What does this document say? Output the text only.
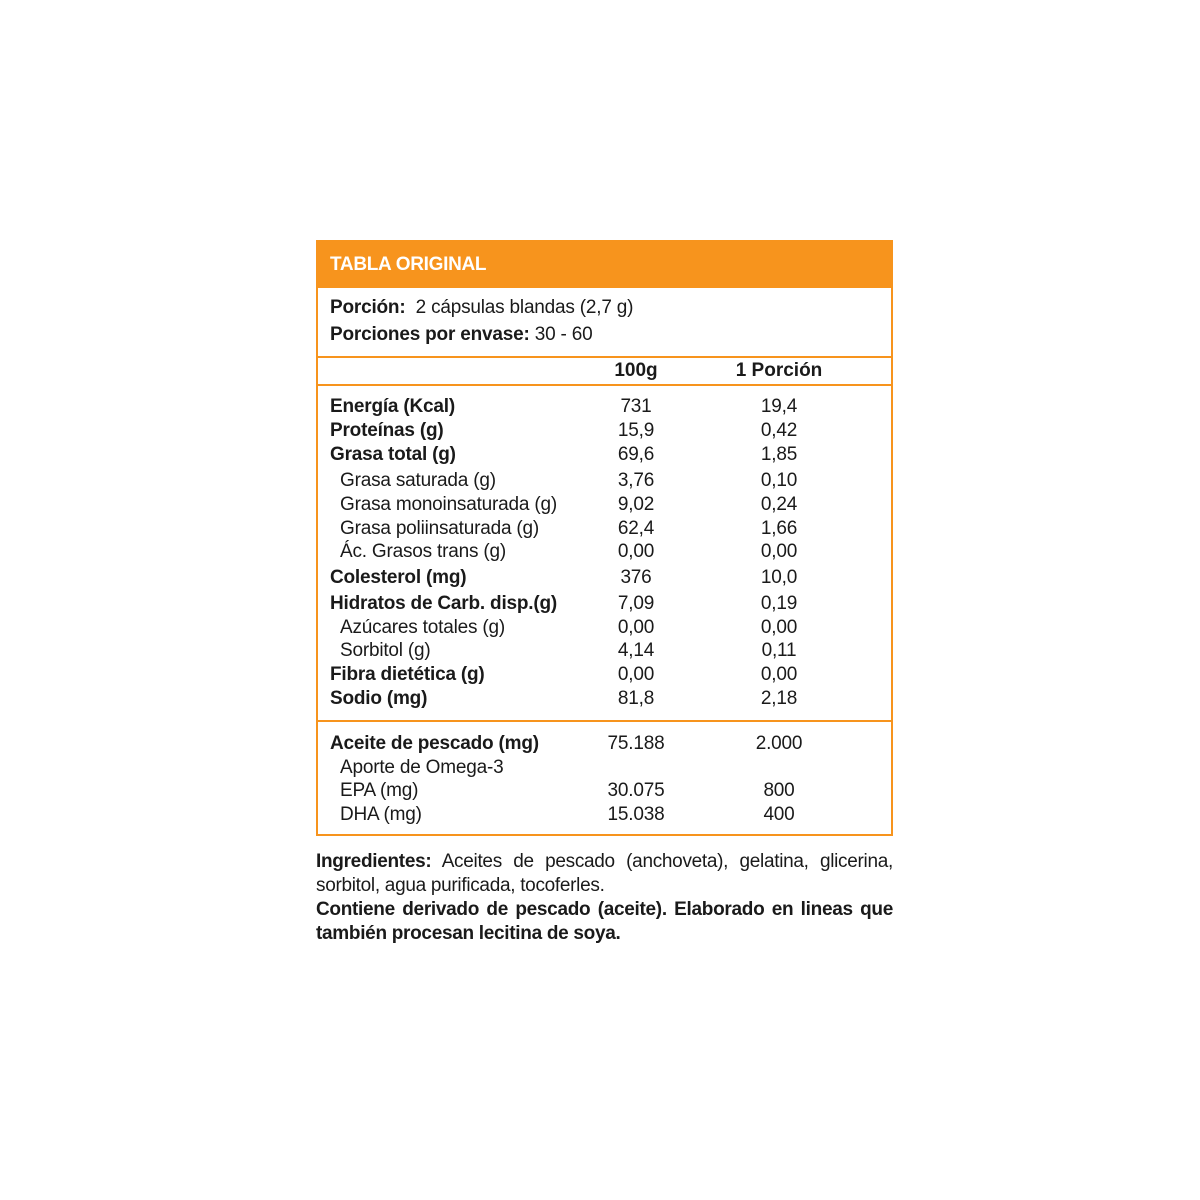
TABLA ORIGINAL
Porción: 2 cápsulas blandas (2,7 g)
Porciones por envase: 30 - 60
100g	1 Porción
Energía (Kcal)	731	19,4
Proteínas (g)	15,9	0,42
Grasa total (g)	69,6	1,85
Grasa saturada (g)	3,76	0,10
Grasa monoinsaturada (g)	9,02	0,24
Grasa poliinsaturada (g)	62,4	1,66
Ác. Grasos trans (g)	0,00	0,00
Colesterol (mg)	376	10,0
Hidratos de Carb. disp.(g)	7,09	0,19
Azúcares totales (g)	0,00	0,00
Sorbitol (g)	4,14	0,11
Fibra dietética (g)	0,00	0,00
Sodio (mg)	81,8	2,18
Aceite de pescado (mg)	75.188	2.000
Aporte de Omega-3
EPA (mg)	30.075	800
DHA (mg)	15.038	400

Ingredientes: Aceites de pescado (anchoveta), gelatina, glicerina, sorbitol, agua purificada, tocoferles.

Contiene derivado de pescado (aceite). Elaborado en lineas que también procesan lecitina de soya.
